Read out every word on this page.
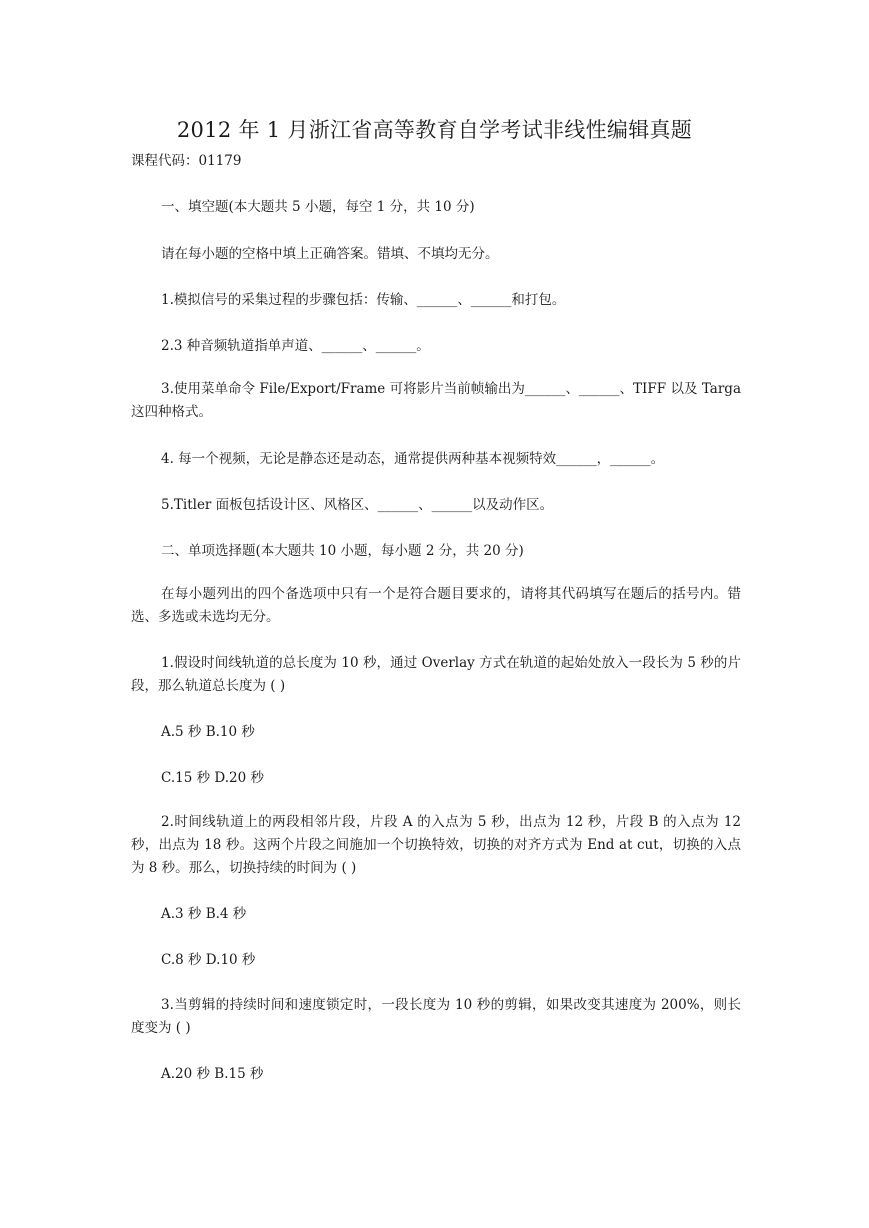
2012 年 1 月浙江省高等教育自学考试非线性编辑真题
课程代码：01179
一、填空题(本大题共 5 小题，每空 1 分，共 10 分)
请在每小题的空格中填上正确答案。错填、不填均无分。
1.模拟信号的采集过程的步骤包括：传输、______、______和打包。
2.3 种音频轨道指单声道、______、______。
3.使用菜单命令 File/Export/Frame 可将影片当前帧输出为______、______、TIFF 以及 Targa 这四种格式。
4. 每一个视频，无论是静态还是动态，通常提供两种基本视频特效______，______。
5.Titler 面板包括设计区、风格区、______、______以及动作区。
二、单项选择题(本大题共 10 小题，每小题 2 分，共 20 分)
在每小题列出的四个备选项中只有一个是符合题目要求的，请将其代码填写在题后的括号内。错选、多选或未选均无分。
1.假设时间线轨道的总长度为 10 秒，通过 Overlay 方式在轨道的起始处放入一段长为 5 秒的片段，那么轨道总长度为 ( )
A.5 秒 B.10 秒
C.15 秒 D.20 秒
2.时间线轨道上的两段相邻片段，片段 A 的入点为 5 秒，出点为 12 秒，片段 B 的入点为 12 秒，出点为 18 秒。这两个片段之间施加一个切换特效，切换的对齐方式为 End at cut，切换的入点为 8 秒。那么，切换持续的时间为 ( )
A.3 秒 B.4 秒
C.8 秒 D.10 秒
3.当剪辑的持续时间和速度锁定时，一段长度为 10 秒的剪辑，如果改变其速度为 200%，则长度变为 ( )
A.20 秒 B.15 秒
